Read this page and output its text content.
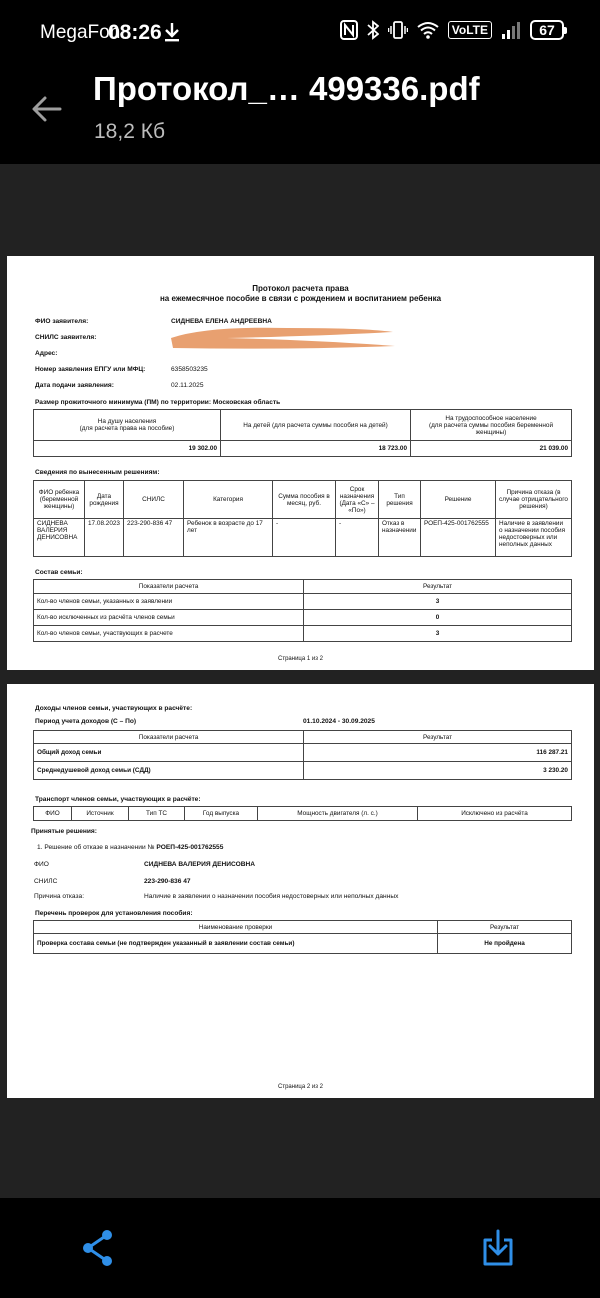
MegaFon
08:26	VoLTE	67
Протокол_… 499336.pdf
18,2 Кб
Протокол расчета права
на ежемесячное пособие в связи с рождением и воспитанием ребенка
ФИО заявителя:	СИДНЕВА ЕЛЕНА АНДРЕЕВНА
СНИЛС заявителя:
Адрес:
Номер заявления ЕПГУ или МФЦ:	6358503235
Дата подачи заявления:	02.11.2025
Размер прожиточного минимума (ПМ) по территории: Московская область
На душу населения
(для расчета права на пособие)	На детей (для расчета суммы пособия на детей)	На трудоспособное население
(для расчета суммы пособия беременной женщины)
19 302.00	18 723.00	21 039.00
Сведения по вынесенным решениям:
ФИО ребенка (беременной женщины)	Дата рождения	СНИЛС	Категория	Сумма пособия в месяц, руб.	Срок назначения (Дата «С» – «По»)	Тип решения	Решение	Причина отказа (в случае отрицательного решения)
СИДНЕВА ВАЛЕРИЯ ДЕНИСОВНА	17.08.2023	223-290-836 47	Ребенок в возрасте до 17 лет	-	-	Отказ в назначении	РОЕП-425-001762555	Наличие в заявлении о назначении пособия недостоверных или неполных данных
Состав семьи:
Показатели расчета	Результат
Кол-во членов семьи, указанных в заявлении	3
Кол-во исключенных из расчёта членов семьи	0
Кол-во членов семьи, участвующих в расчете	3
Страница 1 из 2
Доходы членов семьи, участвующих в расчёте:
Период учета доходов (С – По)	01.10.2024 - 30.09.2025
Показатели расчета	Результат
Общий доход семьи	116 287.21
Среднедушевой доход семьи (СДД)	3 230.20
Транспорт членов семьи, участвующих в расчёте:
ФИО	Источник	Тип ТС	Год выпуска	Мощность двигателя (л. с.)	Исключено из расчёта
Принятые решения:
1. Решение об отказе в назначении № РОЕП-425-001762555
ФИО	СИДНЕВА ВАЛЕРИЯ ДЕНИСОВНА
СНИЛС	223-290-836 47
Причина отказа:	Наличие в заявлении о назначении пособия недостоверных или неполных данных
Перечень проверок для установления пособия:
Наименование проверки	Результат
Проверка состава семьи (не подтвержден указанный в заявлении состав семьи)	Не пройдена
Страница 2 из 2
